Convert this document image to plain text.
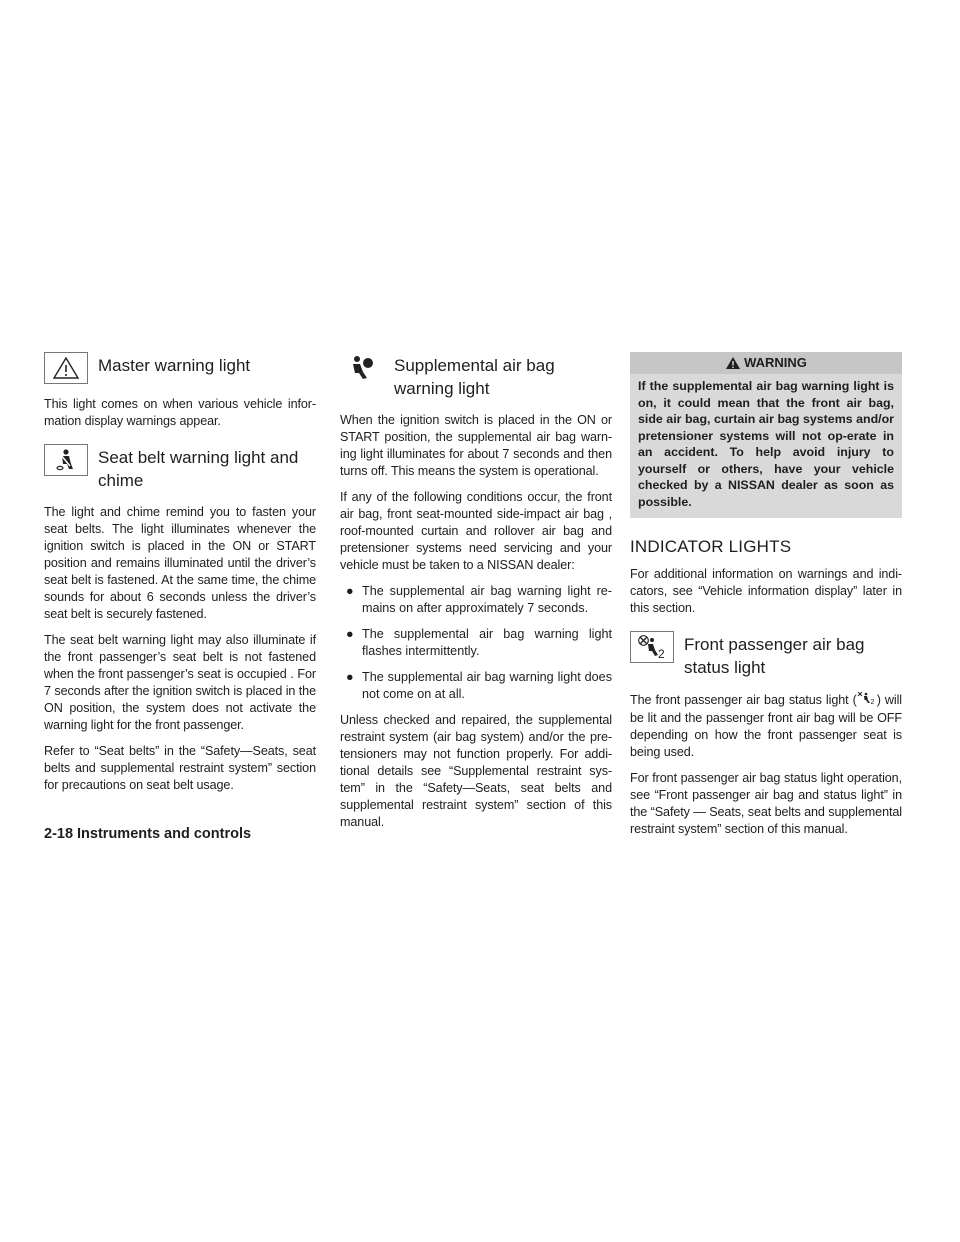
Master warning light

This light comes on when various vehicle infor-mation display warnings appear.

Seat belt warning light and chime

The light and chime remind you to fasten your seat belts. The light illuminates whenever the ignition switch is placed in the ON or START position and remains illuminated until the driver’s seat belt is fastened. At the same time, the chime sounds for about 6 seconds unless the driver’s seat belt is securely fastened.

The seat belt warning light may also illuminate if the front passenger’s seat belt is not fastened when the front passenger’s seat is occupied . For 7 seconds after the ignition switch is placed in the ON position, the system does not activate the warning light for the front passenger.

Refer to “Seat belts” in the “Safety—Seats, seat belts and supplemental restraint system” section for precautions on seat belt usage.

Supplemental air bag warning light

When the ignition switch is placed in the ON or START position, the supplemental air bag warn-ing light illuminates for about 7 seconds and then turns off. This means the system is operational.

If any of the following conditions occur, the front air bag, front seat-mounted side-impact air bag , roof-mounted curtain and rollover air bag and pretensioner systems need servicing and your vehicle must be taken to a NISSAN dealer:

● The supplemental air bag warning light re-mains on after approximately 7 seconds.
● The supplemental air bag warning light flashes intermittently.
● The supplemental air bag warning light does not come on at all.

Unless checked and repaired, the supplemental restraint system (air bag system) and/or the pre-tensioners may not function properly. For addi-tional details see “Supplemental restraint sys-tem” in the “Safety—Seats, seat belts and supplemental restraint system” section of this manual.

WARNING
If the supplemental air bag warning light is on, it could mean that the front air bag, side air bag, curtain air bag systems and/or pretensioner systems will not op-erate in an accident. To help avoid injury to yourself or others, have your vehicle checked by a NISSAN dealer as soon as possible.
INDICATOR LIGHTS

For additional information on warnings and indi-cators, see “Vehicle information display” later in this section.

2 Front passenger air bag status light

The front passenger air bag status light ( 2 ) will be lit and the passenger front air bag will be OFF depending on how the front passenger seat is being used.

For front passenger air bag status light operation, see “Front passenger air bag and status light” in the “Safety — Seats, seat belts and supplemental restraint system” section of this manual.

2-18 Instruments and controls
